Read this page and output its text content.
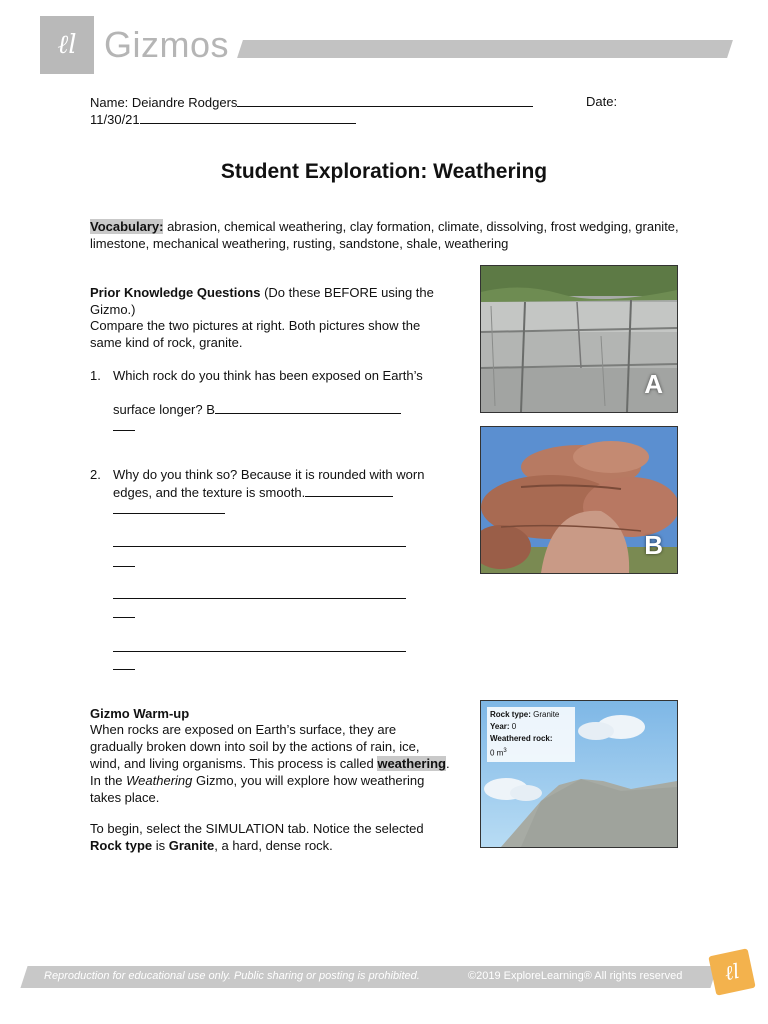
ℓl Gizmos
Name: Deiandre Rodgers	Date:
11/30/21
Student Exploration: Weathering
Vocabulary: abrasion, chemical weathering, clay formation, climate, dissolving, frost wedging, granite, limestone, mechanical weathering, rusting, sandstone, shale, weathering
Prior Knowledge Questions (Do these BEFORE using the Gizmo.)
Compare the two pictures at right. Both pictures show the same kind of rock, granite.
1. Which rock do you think has been exposed on Earth’s
surface longer? B
2. Why do you think so? Because it is rounded with worn edges, and the texture is smooth.
A
B
Gizmo Warm-up
When rocks are exposed on Earth’s surface, they are gradually broken down into soil by the actions of rain, ice, wind, and living organisms. This process is called weathering. In the Weathering Gizmo, you will explore how weathering takes place.
To begin, select the SIMULATION tab. Notice the selected Rock type is Granite, a hard, dense rock.
Rock type: Granite
Year: 0
Weathered rock:
0 $m^3$
Reproduction for educational use only. Public sharing or posting is prohibited.	©2019 ExploreLearning® All rights reserved	ℓl
